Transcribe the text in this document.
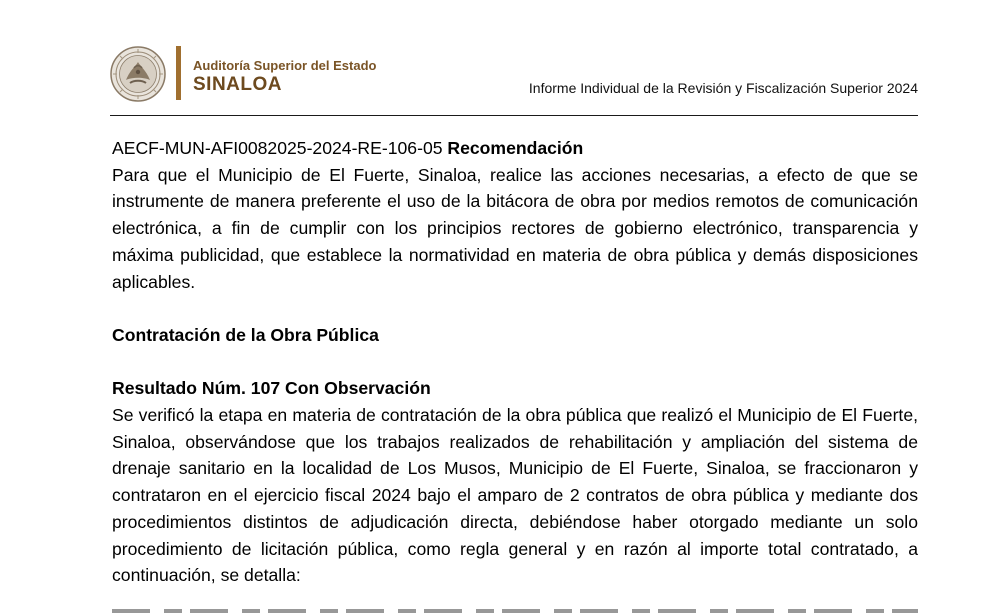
Auditoría Superior del Estado
SINALOA	Informe Individual de la Revisión y Fiscalización Superior 2024

AECF-MUN-AFI0082025-2024-RE-106-05 Recomendación

Para que el Municipio de El Fuerte, Sinaloa, realice las acciones necesarias, a efecto de que se instrumente de manera preferente el uso de la bitácora de obra por medios remotos de comunicación electrónica, a fin de cumplir con los principios rectores de gobierno electrónico, transparencia y máxima publicidad, que establece la normatividad en materia de obra pública y demás disposiciones aplicables.

Contratación de la Obra Pública

Resultado Núm. 107 Con Observación

Se verificó la etapa en materia de contratación de la obra pública que realizó el Municipio de El Fuerte, Sinaloa, observándose que los trabajos realizados de rehabilitación y ampliación del sistema de drenaje sanitario en la localidad de Los Musos, Municipio de El Fuerte, Sinaloa, se fraccionaron y contrataron en el ejercicio fiscal 2024 bajo el amparo de 2 contratos de obra pública y mediante dos procedimientos distintos de adjudicación directa, debiéndose haber otorgado mediante un solo procedimiento de licitación pública, como regla general y en razón al importe total contratado, a continuación, se detalla:
